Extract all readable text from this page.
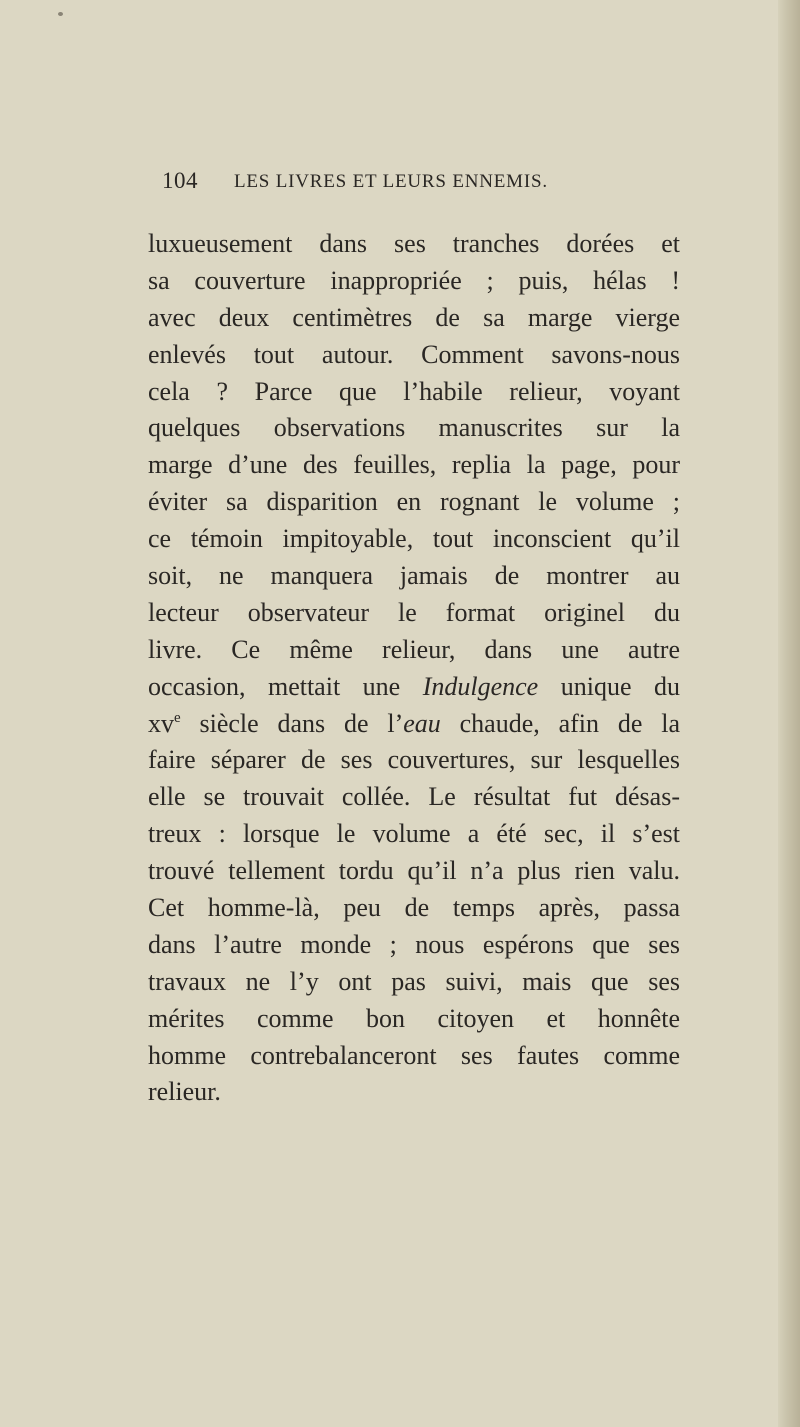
104 LES LIVRES ET LEURS ENNEMIS.
luxueusement dans ses tranches dorées et
sa couverture inappropriée ; puis, hélas !
avec deux centimètres de sa marge vierge
enlevés tout autour. Comment savons-nous
cela ? Parce que l’habile relieur, voyant
quelques observations manuscrites sur la
marge d’une des feuilles, replia la page, pour
éviter sa disparition en rognant le volume ;
ce témoin impitoyable, tout inconscient qu’il
soit, ne manquera jamais de montrer au
lecteur observateur le format originel du
livre. Ce même relieur, dans une autre
occasion, mettait une Indulgence unique du
$xv^e$ siècle dans de l’eau chaude, afin de la
faire séparer de ses couvertures, sur lesquelles
elle se trouvait collée. Le résultat fut désas-
treux : lorsque le volume a été sec, il s’est
trouvé tellement tordu qu’il n’a plus rien valu.
Cet homme-là, peu de temps après, passa
dans l’autre monde ; nous espérons que ses
travaux ne l’y ont pas suivi, mais que ses
mérites comme bon citoyen et honnête
homme contrebalanceront ses fautes comme
relieur.
